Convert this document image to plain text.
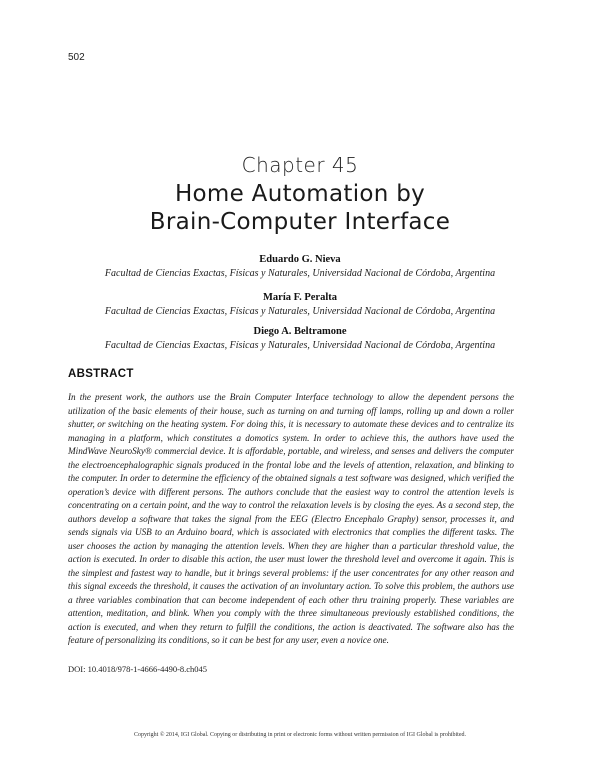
502
Chapter 45
Home Automation by
Brain-Computer Interface
Eduardo G. Nieva
Facultad de Ciencias Exactas, Físicas y Naturales, Universidad Nacional de Córdoba, Argentina
María F. Peralta
Facultad de Ciencias Exactas, Físicas y Naturales, Universidad Nacional de Córdoba, Argentina
Diego A. Beltramone
Facultad de Ciencias Exactas, Físicas y Naturales, Universidad Nacional de Córdoba, Argentina
ABSTRACT
In the present work, the authors use the Brain Computer Interface technology to allow the dependent persons the utilization of the basic elements of their house, such as turning on and turning off lamps, rolling up and down a roller shutter, or switching on the heating system. For doing this, it is necessary to automate these devices and to centralize its managing in a platform, which constitutes a domotics system. In order to achieve this, the authors have used the MindWave NeuroSky® commercial device. It is affordable, portable, and wireless, and senses and delivers the computer the electroencephalographic signals produced in the frontal lobe and the levels of attention, relaxation, and blinking to the computer. In order to determine the efficiency of the obtained signals a test software was designed, which verified the operation’s device with different persons. The authors conclude that the easiest way to control the attention levels is concentrating on a certain point, and the way to control the relaxation levels is by closing the eyes. As a second step, the authors develop a software that takes the signal from the EEG (Electro Encephalo Graphy) sensor, processes it, and sends signals via USB to an Arduino board, which is associated with electronics that complies the different tasks. The user chooses the action by managing the attention levels. When they are higher than a particular threshold value, the action is executed. In order to disable this action, the user must lower the threshold level and overcome it again. This is the simplest and fastest way to handle, but it brings several problems: if the user concentrates for any other reason and this signal exceeds the threshold, it causes the activation of an involuntary action. To solve this problem, the authors use a three variables combination that can become independent of each other thru training properly. These variables are attention, meditation, and blink. When you comply with the three simultaneous previously established conditions, the action is executed, and when they return to fulfill the conditions, the action is deactivated. The software also has the feature of personalizing its conditions, so it can be best for any user, even a novice one.
DOI: 10.4018/978-1-4666-4490-8.ch045
Copyright © 2014, IGI Global. Copying or distributing in print or electronic forms without written permission of IGI Global is prohibited.
